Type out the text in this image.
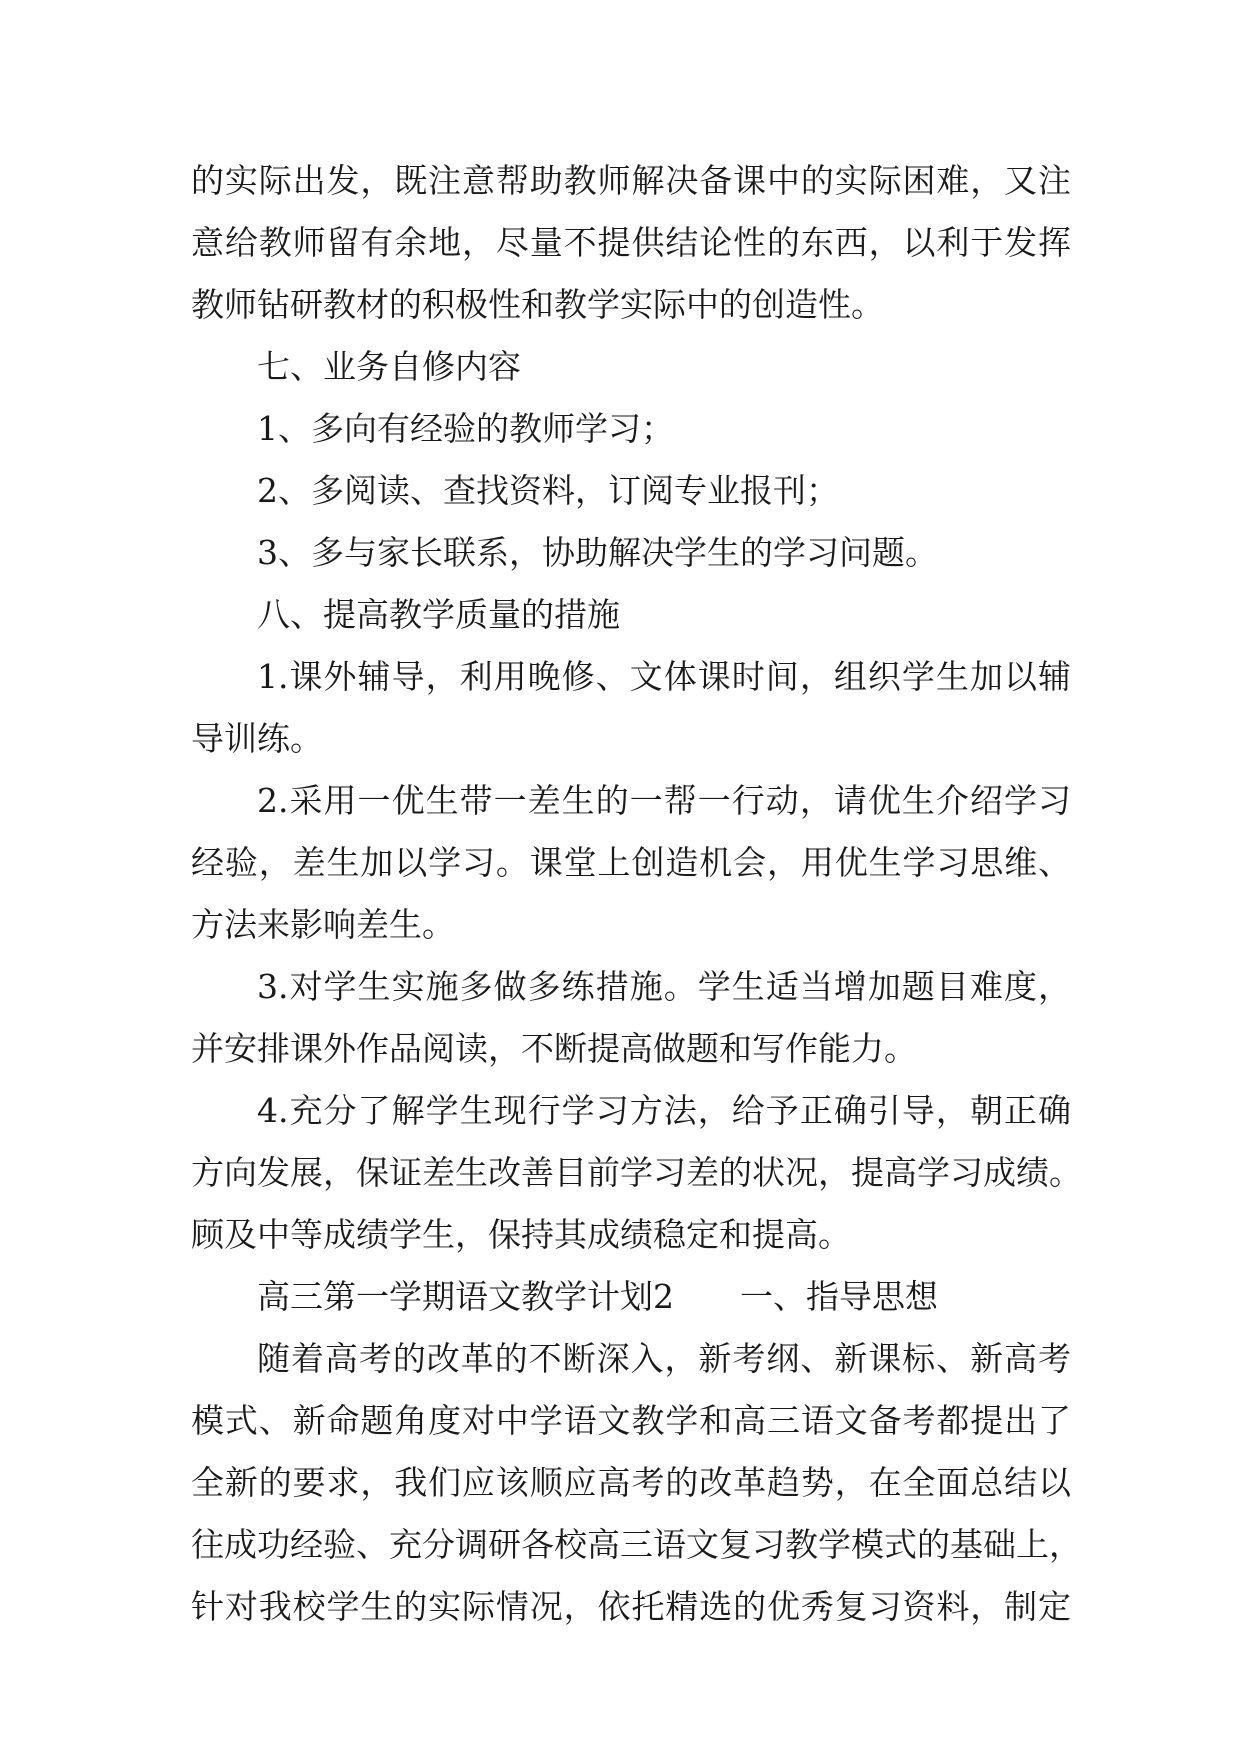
的实际出发，既注意帮助教师解决备课中的实际困难，又注
意给教师留有余地，尽量不提供结论性的东西，以利于发挥
教师钻研教材的积极性和教学实际中的创造性。
七、业务自修内容
1、多向有经验的教师学习；
2、多阅读、查找资料，订阅专业报刊；
3、多与家长联系，协助解决学生的学习问题。
八、提高教学质量的措施
1.课外辅导，利用晚修、文体课时间，组织学生加以辅
导训练。
2.采用一优生带一差生的一帮一行动，请优生介绍学习
经验，差生加以学习。课堂上创造机会，用优生学习思维、
方法来影响差生。
3.对学生实施多做多练措施。学生适当增加题目难度，
并安排课外作品阅读，不断提高做题和写作能力。
4.充分了解学生现行学习方法，给予正确引导，朝正确
方向发展，保证差生改善目前学习差的状况，提高学习成绩。
顾及中等成绩学生，保持其成绩稳定和提高。
高三第一学期语文教学计划2　　一、指导思想
随着高考的改革的不断深入，新考纲、新课标、新高考
模式、新命题角度对中学语文教学和高三语文备考都提出了
全新的要求，我们应该顺应高考的改革趋势，在全面总结以
往成功经验、充分调研各校高三语文复习教学模式的基础上，
针对我校学生的实际情况，依托精选的优秀复习资料，制定
